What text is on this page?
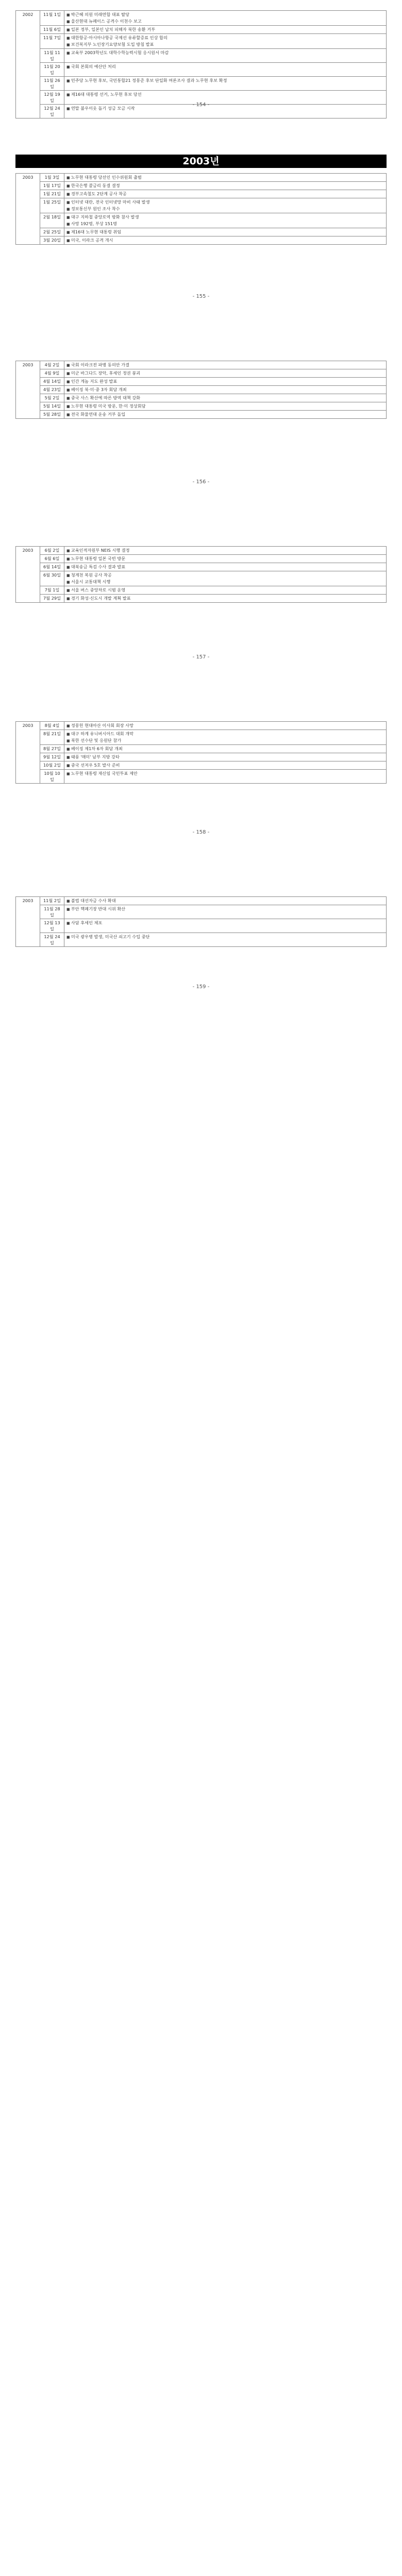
2002	11월 1일	■ 박근혜 의원 미래연합 대표 탈당
■ 울산현대 뉴페이스 공격수 이천수 보고

	11월 6일	■ 일본 정부, 일본인 납치 피해자 북한 송환 거부

	11월 7일	■ 대한항공·아시아나항공 국제선 유류할증료 인상 합의
■ 보건복지부 노인장기요양보험 도입 방침 발표

	11월 11일	■ 교육부 2003학년도 대학수학능력시험 응시원서 마감

	11월 20일	■ 국회 본회의 예산안 처리

	11월 26일	■ 민주당 노무현 후보, 국민통합21 정몽준 후보 단일화 여론조사 결과 노무현 후보 확정

	12월 19일	■ 제16대 대통령 선거, 노무현 후보 당선

	12월 24일	■ 연말 불우이웃 돕기 성금 모금 시작
- 154 -
2003년
2003	1월 3일	■ 노무현 대통령 당선인 인수위원회 출범

	1월 17일	■ 한국은행 콜금리 동결 결정

	1월 21일	■ 경부고속철도 2단계 공사 착공

	1월 25일	■ 인터넷 대란, 전국 인터넷망 마비 사태 발생
■ 정보통신부 원인 조사 착수

	2월 18일	■ 대구 지하철 중앙로역 방화 참사 발생
■ 사망 192명, 부상 151명

	2월 25일	■ 제16대 노무현 대통령 취임

	3월 20일	■ 미국, 이라크 공격 개시
- 155 -
2003	4월 2일	■ 국회 이라크전 파병 동의안 가결

	4월 9일	■ 미군 바그다드 장악, 후세인 정권 붕괴

	4월 14일	■ 인간 게놈 지도 완성 발표

	4월 23일	■ 베이징 북·미·중 3자 회담 개최

	5월 2일	■ 중국 사스 확산에 따른 방역 대책 강화

	5월 14일	■ 노무현 대통령 미국 방문, 한·미 정상회담

	5월 28일	■ 전국 화물연대 운송 거부 돌입
- 156 -
2003	6월 2일	■ 교육인적자원부 NEIS 시행 결정

	6월 6일	■ 노무현 대통령 일본 국빈 방문

	6월 14일	■ 대북송금 특검 수사 결과 발표

	6월 30일	■ 청계천 복원 공사 착공
■ 서울시 교통대책 시행

	7월 1일	■ 서울 버스 중앙차로 시범 운영

	7월 29일	■ 경기 화성·신도시 개발 계획 발표
- 157 -
2003	8월 4일	■ 정몽헌 현대아산 이사회 회장 사망

	8월 21일	■ 대구 하계 유니버시아드 대회 개막
■ 북한 선수단 및 응원단 참가

	8월 27일	■ 베이징 제1차 6자 회담 개최

	9월 12일	■ 태풍 '매미' 남부 지방 강타

	10월 2일	■ 중국 선저우 5호 발사 준비

	10월 10일	■ 노무현 대통령 재신임 국민투표 제안
- 158 -
2003	11월 2일	■ 불법 대선자금 수사 확대

	11월 28일	■ 부안 핵폐기장 반대 시위 확산

	12월 13일	■ 사담 후세인 체포

	12월 24일	■ 미국 광우병 발생, 미국산 쇠고기 수입 중단
- 159 -
